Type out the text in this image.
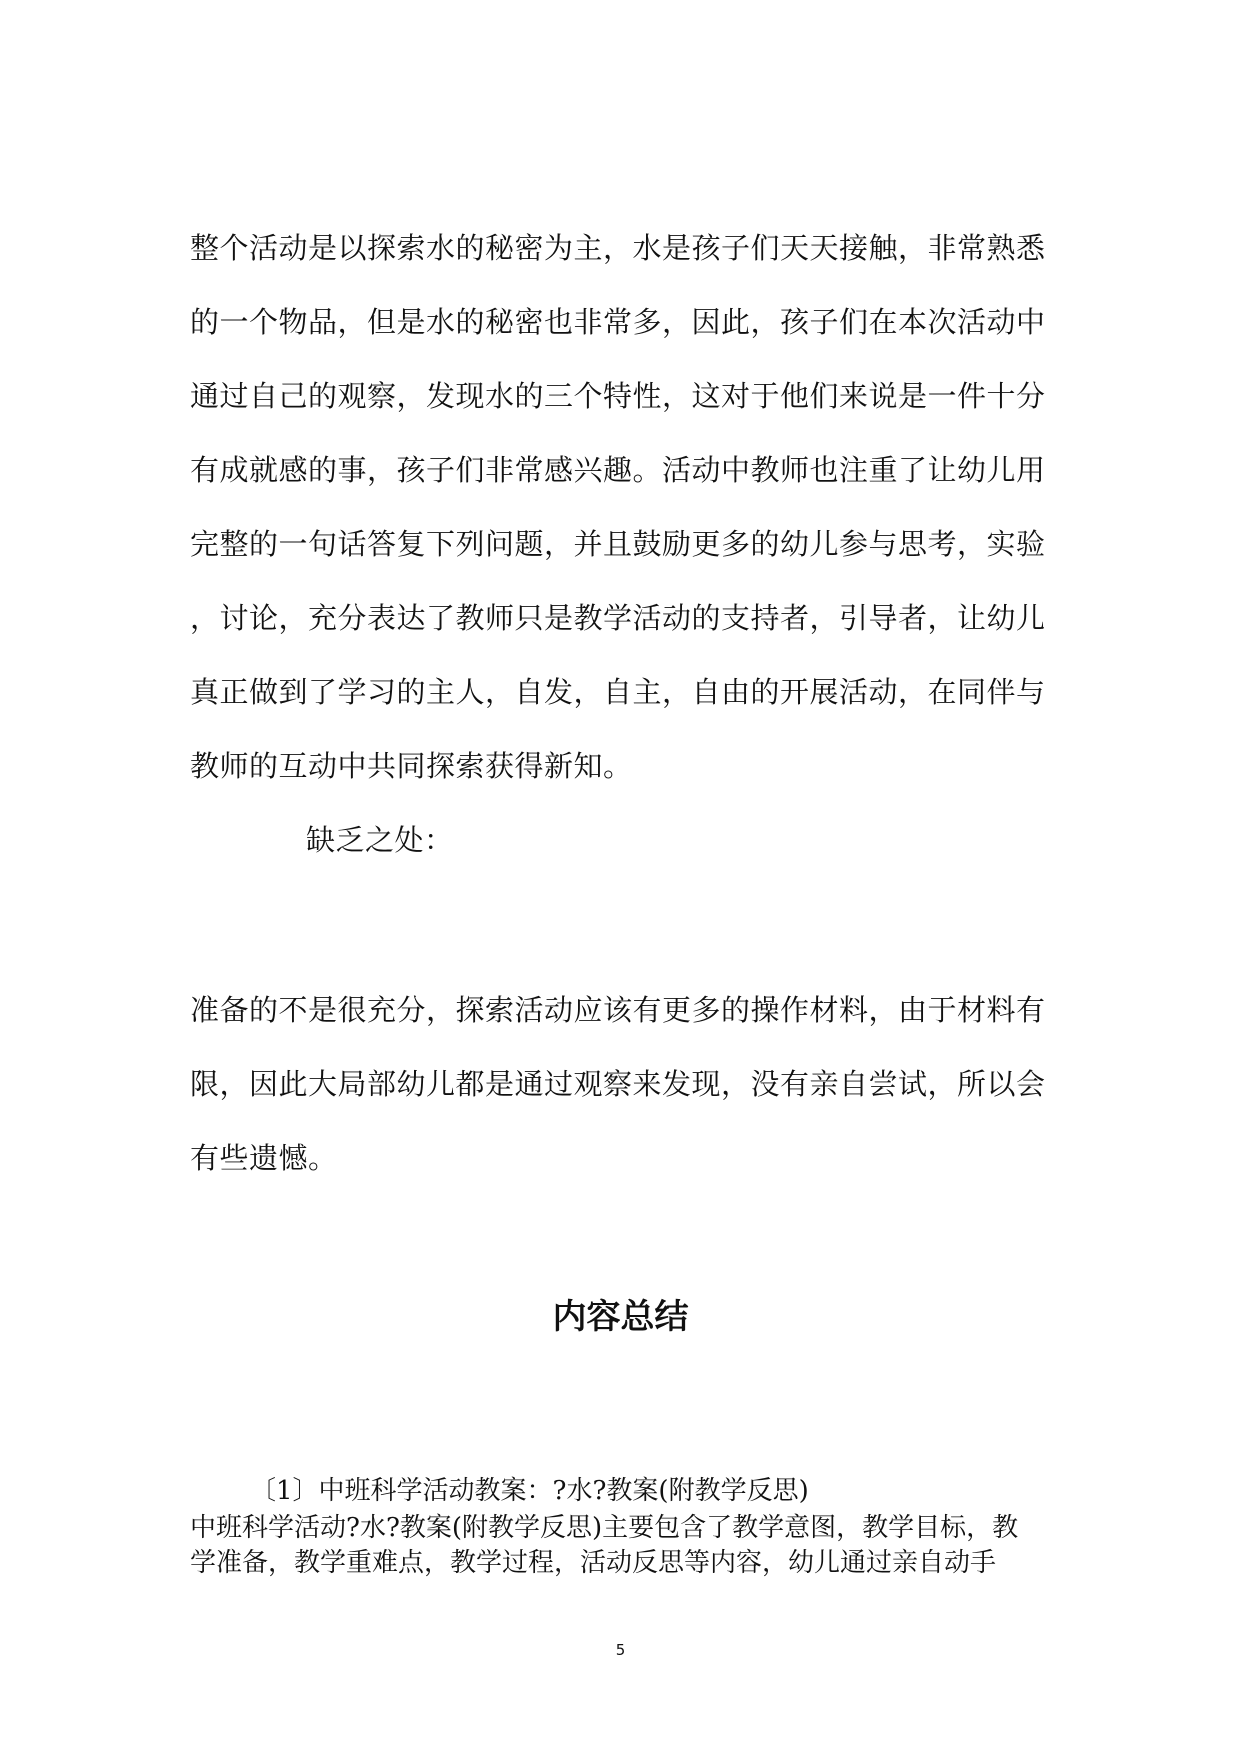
整个活动是以探索水的秘密为主，水是孩子们天天接触，非常熟悉
的一个物品，但是水的秘密也非常多，因此，孩子们在本次活动中
通过自己的观察，发现水的三个特性，这对于他们来说是一件十分
有成就感的事，孩子们非常感兴趣。活动中教师也注重了让幼儿用
完整的一句话答复下列问题，并且鼓励更多的幼儿参与思考，实验
，讨论，充分表达了教师只是教学活动的支持者，引导者，让幼儿
真正做到了学习的主人，自发，自主，自由的开展活动，在同伴与
教师的互动中共同探索获得新知。
缺乏之处：
准备的不是很充分，探索活动应该有更多的操作材料，由于材料有
限，因此大局部幼儿都是通过观察来发现，没有亲自尝试，所以会
有些遗憾。
内容总结
〔1〕中班科学活动教案：?水?教案(附教学反思)
中班科学活动?水?教案(附教学反思)主要包含了教学意图，教学目标，教
学准备，教学重难点，教学过程，活动反思等内容，幼儿通过亲自动手
5
